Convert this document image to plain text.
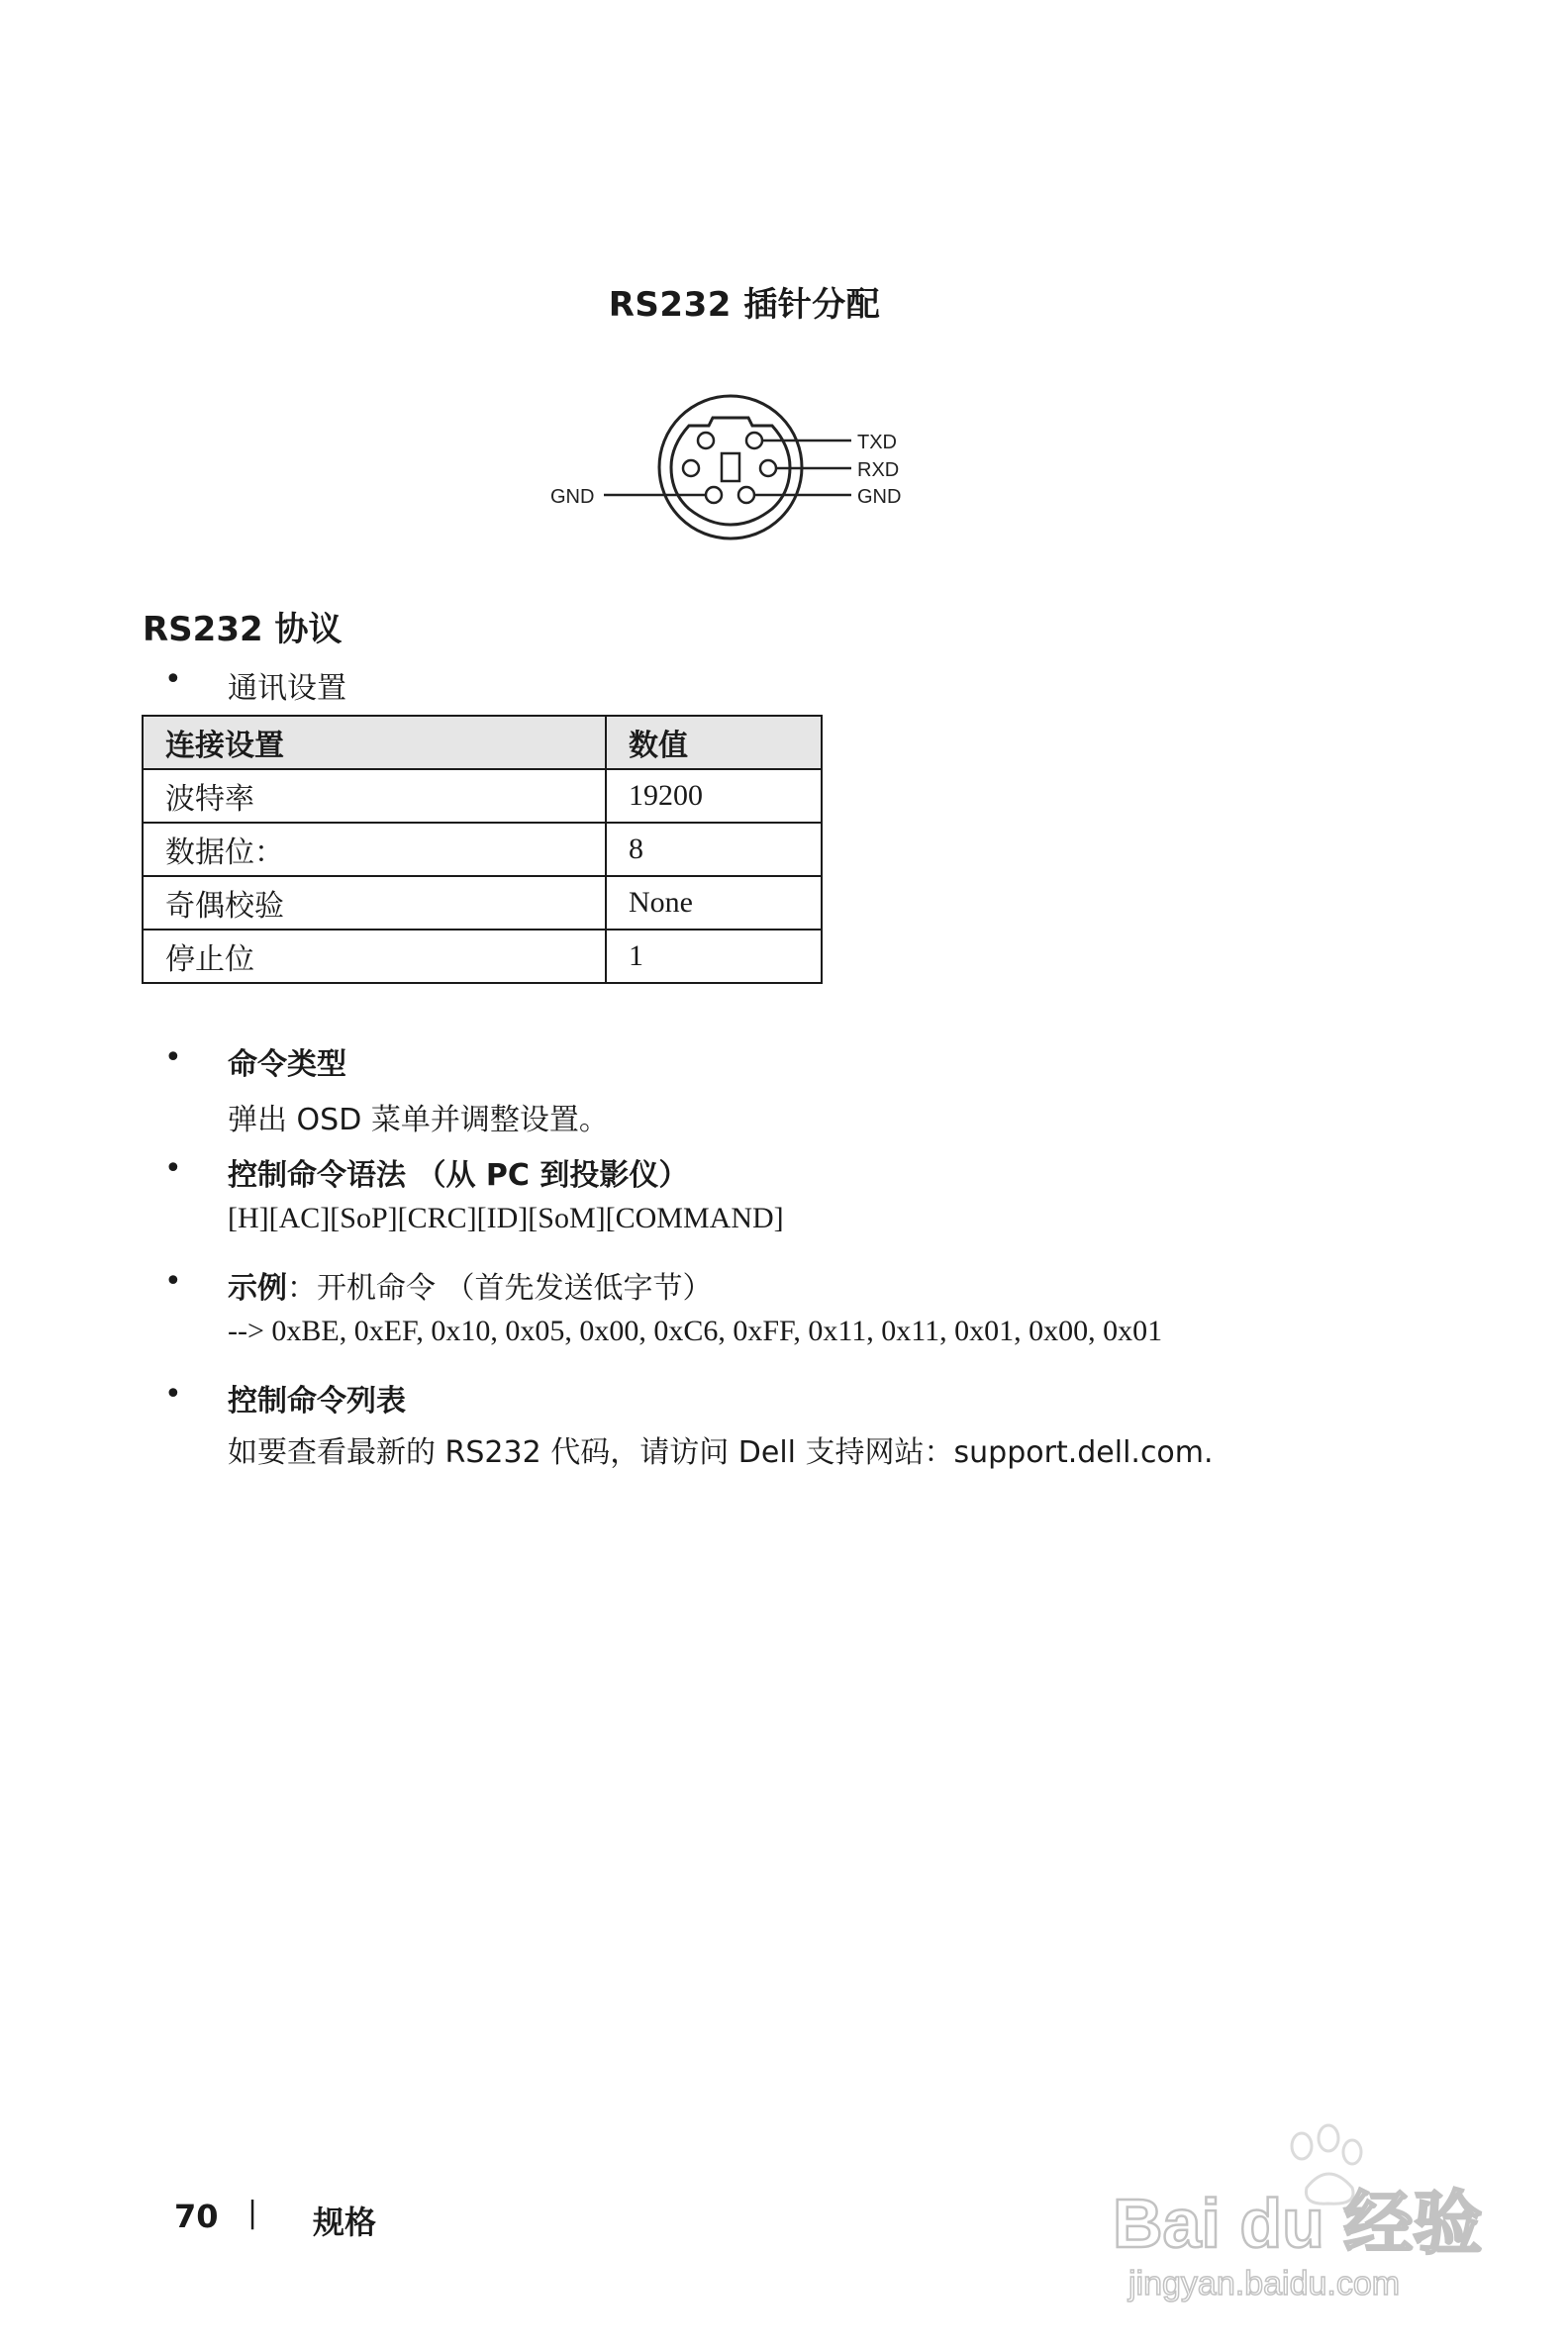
RS232 插针分配
TXD
RXD
GND
GND
RS232 协议
• 通讯设置
连接设置	数值
波特率	19200
数据位：	8
奇偶校验	None
停止位	1
• 命令类型
弹出 OSD 菜单并调整设置。
• 控制命令语法 （从 PC 到投影仪）
[H][AC][SoP][CRC][ID][SoM][COMMAND]
• 示例：开机命令 （首先发送低字节）
--> 0xBE, 0xEF, 0x10, 0x05, 0x00, 0xC6, 0xFF, 0x11, 0x11, 0x01, 0x00, 0x01
• 控制命令列表
如要查看最新的 RS232 代码，请访问 Dell 支持网站：support.dell.com.
70 | 规格	Bai du 经验
jingyan.baidu.com
